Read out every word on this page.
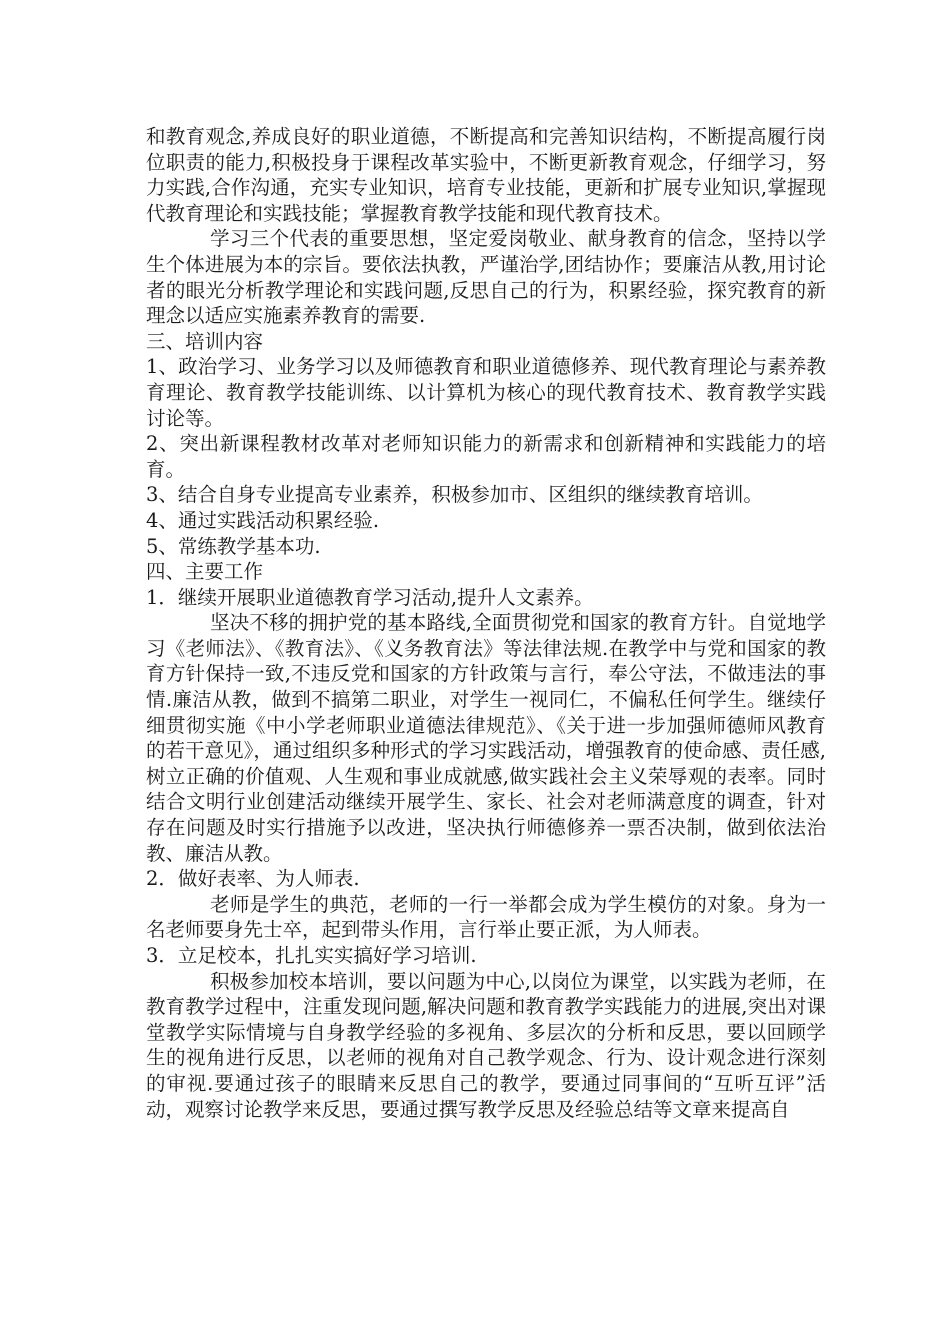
和教育观念,养成良好的职业道德，不断提高和完善知识结构，不断提高履行岗位职责的能力,积极投身于课程改革实验中，不断更新教育观念，仔细学习，努力实践,合作沟通，充实专业知识，培育专业技能，更新和扩展专业知识,掌握现代教育理论和实践技能；掌握教育教学技能和现代教育技术。

学习三个代表的重要思想，坚定爱岗敬业、献身教育的信念，坚持以学生个体进展为本的宗旨。要依法执教，严谨治学,团结协作；要廉洁从教,用讨论者的眼光分析教学理论和实践问题,反思自己的行为，积累经验，探究教育的新理念以适应实施素养教育的需要.

三、培训内容

1、政治学习、业务学习以及师德教育和职业道德修养、现代教育理论与素养教育理论、教育教学技能训练、以计算机为核心的现代教育技术、教育教学实践讨论等。

2、突出新课程教材改革对老师知识能力的新需求和创新精神和实践能力的培育。

3、结合自身专业提高专业素养，积极参加市、区组织的继续教育培训。

4、通过实践活动积累经验.

5、常练教学基本功.

四、主要工作

1．继续开展职业道德教育学习活动,提升人文素养。

坚决不移的拥护党的基本路线,全面贯彻党和国家的教育方针。自觉地学习《老师法》、《教育法》、《义务教育法》等法律法规.在教学中与党和国家的教育方针保持一致,不违反党和国家的方针政策与言行，奉公守法，不做违法的事情.廉洁从教，做到不搞第二职业，对学生一视同仁，不偏私任何学生。继续仔细贯彻实施《中小学老师职业道德法律规范》、《关于进一步加强师德师风教育的若干意见》，通过组织多种形式的学习实践活动，增强教育的使命感、责任感,树立正确的价值观、人生观和事业成就感,做实践社会主义荣辱观的表率。同时结合文明行业创建活动继续开展学生、家长、社会对老师满意度的调查，针对存在问题及时实行措施予以改进，坚决执行师德修养一票否决制，做到依法治教、廉洁从教。

2．做好表率、为人师表.

老师是学生的典范，老师的一行一举都会成为学生模仿的对象。身为一名老师要身先士卒，起到带头作用，言行举止要正派，为人师表。

3．立足校本，扎扎实实搞好学习培训.

积极参加校本培训，要以问题为中心,以岗位为课堂，以实践为老师，在教育教学过程中，注重发现问题,解决问题和教育教学实践能力的进展,突出对课堂教学实际情境与自身教学经验的多视角、多层次的分析和反思，要以回顾学生的视角进行反思，以老师的视角对自己教学观念、行为、设计观念进行深刻的审视.要通过孩子的眼睛来反思自己的教学，要通过同事间的“互听互评”活动，观察讨论教学来反思，要通过撰写教学反思及经验总结等文章来提高自
